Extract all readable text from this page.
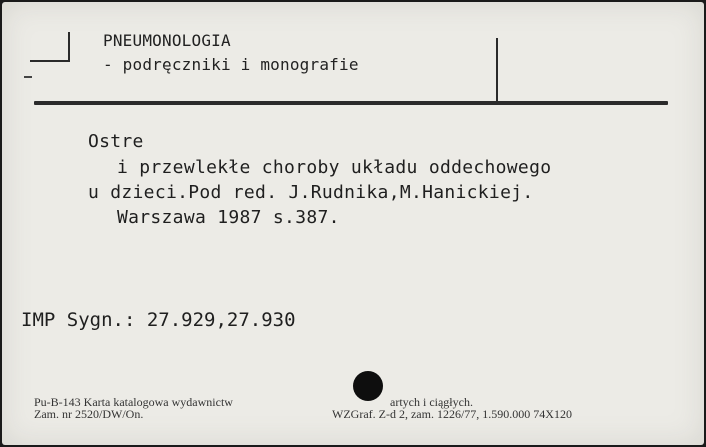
PNEUMONOLOGIA
- podręczniki i monografie
Ostre
i przewlekłe choroby układu oddechowego
u dzieci.Pod red. J.Rudnika,M.Hanickiej.
Warszawa 1987 s.387.
IMP Sygn.: 27.929,27.930
Pu-B-143 Karta katalogowa wydawnictw
Zam. nr 2520/DW/On.
artych i ciągłych.
WZGraf. Z-d 2, zam. 1226/77, 1.590.000 74X120
